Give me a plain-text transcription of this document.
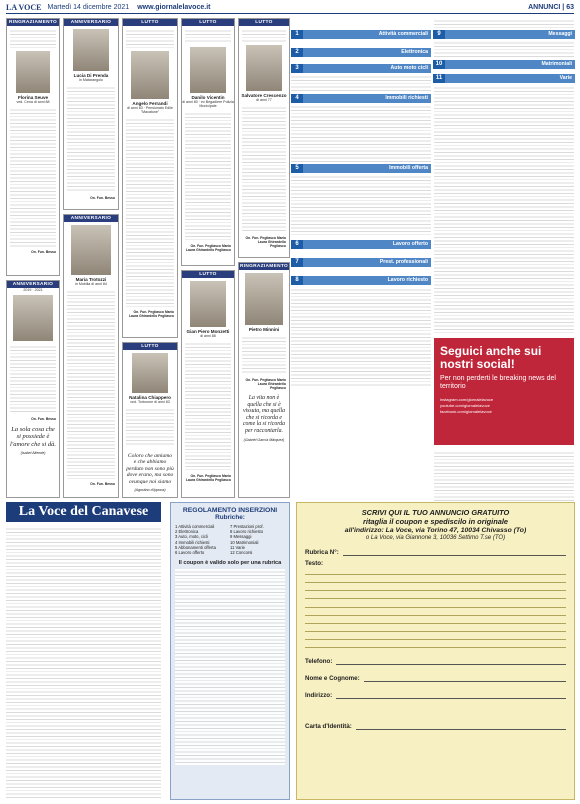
LA VOCE Martedì 14 dicembre 2021 www.giornalelavoce.it	ANNUNCI | 63
RINGRAZIAMENTO
Florina Seuve
ved. Cena di anni 88
On. Fun. Besso
ANNIVERSARIO
2019 · 2021
On. Fun. Besso
La sola cosa che si possiede è l'amore che si dà.
(Isabel Allende)
ANNIVERSARIO
Lucia Di Prenda
in Matarangolo
On. Fun. Besso
ANNIVERSARIO
Maria Trotozzi
in Mobilia di anni 84
On. Fun. Besso
LUTTO
Angelo Ferrandi
di anni 83 · Pensionato Edile "Macatone"
On. Fun. Pegliasco Mario Laura Ghirardello Pegliasco
LUTTO
Natalina Chiappero
ved. Tortorone di anni 83
Coloro che amiamo e che abbiamo perduto non sono più dove erano, ma sono ovunque noi siamo
(Agostino d'Ippona)
LUTTO
Danilo Vicentin
di anni 80 · ex Brigadiere Polizia Municipale
On. Fun. Pegliasco Mario Laura Ghirardello Pegliasco
LUTTO
Gian Piero Monzetti
di anni 88
On. Fun. Pegliasco Mario Laura Ghirardello Pegliasco
LUTTO
Salvatore Crescenzo
di anni 77
On. Fun. Pegliasco Mario Laura Ghirardello Pegliasco
RINGRAZIAMENTO
Pietro Minnini
On. Fun. Pegliasco Mario Laura Ghirardello Pegliasco
La vita non è quella che si è vissuta, ma quella che si ricorda e come la si ricorda per raccontarla.
(Gabriel García Márquez)
1	Attività commerciali
2	Elettronica
3	Auto moto cicli
4	Immobili richiesti
5	Immobili offerta
6	Lavoro offerto
7	Prest. professionali
8	Lavoro richiesto
9	Messaggi
10	Matrimoniali
11	Varie
Seguici anche sui nostri social!
Per non perderti le breaking news del territorio
instagram.com/giornalelavoce
youtube.com/giornalelavoce
facebook.com/giornalelavoce
La Voce del Canavese	REGOLAMENTO INSERZIONI
Rubriche:
1 Attività commerciali
2 Elettronica
3 Auto, moto, cicli
4 Immobili richiesti
5 Abbonamenti offerta
6 Lavoro offerto
7 Prestazioni prof.
8 Lavoro richiesto
9 Messaggi
10 Matrimoniali
11 Varie
12 Concorsi
Il coupon è valido solo per una rubrica
SCRIVI QUI IL TUO ANNUNCIO GRATUITO
ritaglia il coupon e spediscilo in originale
all'indirizzo: La Voce, via Torino 47, 10034 Chivasso (To)
o La Voce, via Giannone 3, 10036 Settimo T.se (TO)
Rubrica N°:
Testo:
Telefono:
Nome e Cognome:
Indirizzo:
Carta d'Identità:
